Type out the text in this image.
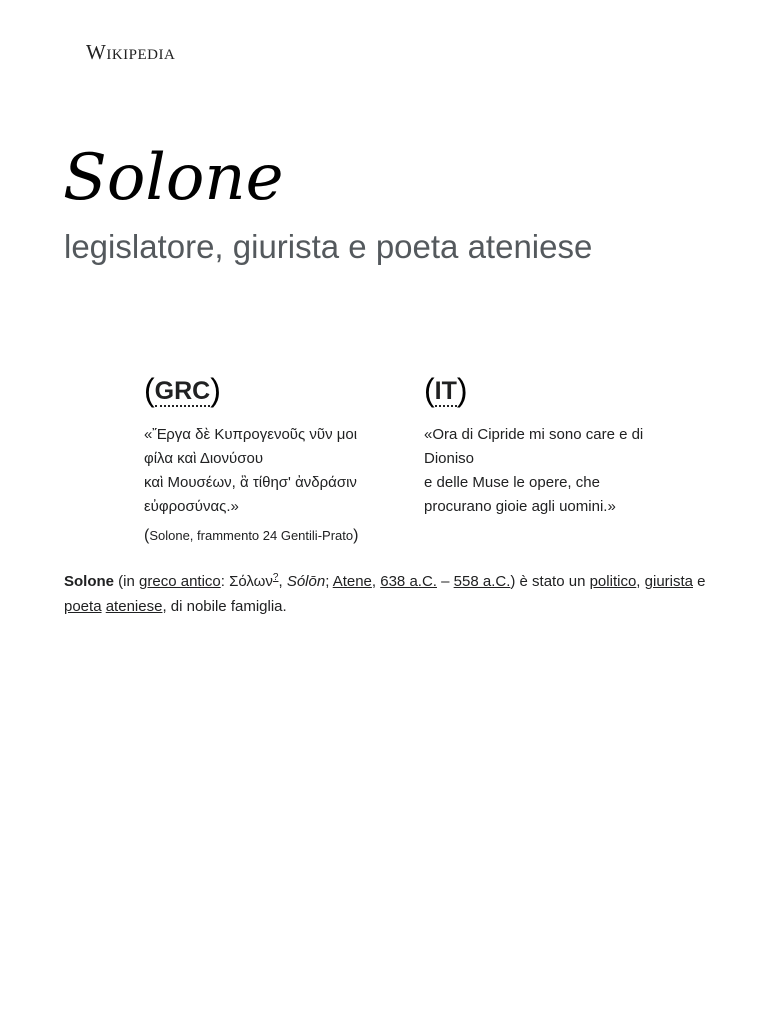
Wikipedia
Solone
legislatore, giurista e poeta ateniese
(GRC)

«Ἔργα δὲ Κυπρογενοῦς νῦν μοι
φίλα καὶ Διονύσου
καὶ Μουσέων, ἃ τίθησ' ἀνδράσιν
εὐφροσύνας.»

(IT)

«Ora di Cipride mi sono care e di
Dioniso
e delle Muse le opere, che
procurano gioie agli uomini.»

(Solone, frammento 24 Gentili-Prato)

Solone (in greco antico: Σόλων?, Sólōn; Atene, 638 a.C. – 558 a.C.) è stato un politico, giurista e poeta ateniese, di nobile famiglia.
